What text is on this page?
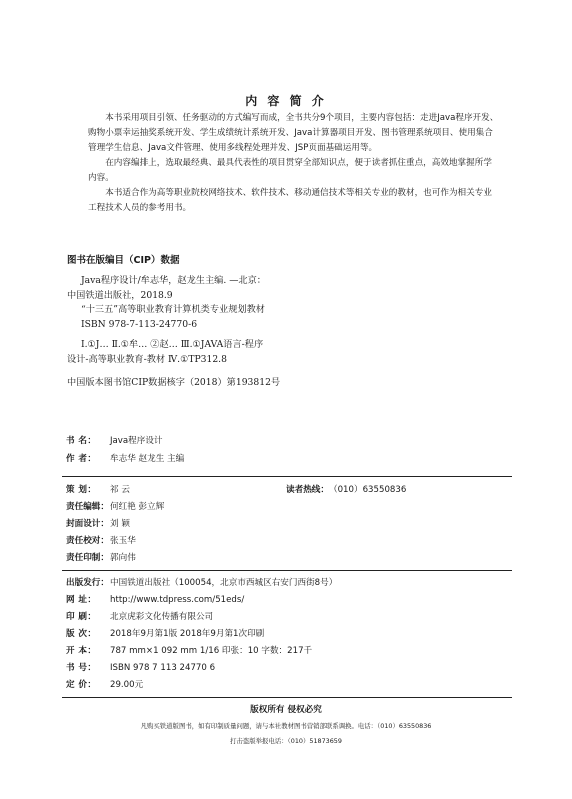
内 容 简 介

本书采用项目引领、任务驱动的方式编写而成，全书共分9个项目，主要内容包括：走进Java程序开发、购物小票幸运抽奖系统开发、学生成绩统计系统开发、Java计算器项目开发、图书管理系统项目、使用集合管理学生信息、Java文件管理、使用多线程处理并发、JSP页面基础运用等。

在内容编排上，选取最经典、最具代表性的项目贯穿全部知识点，便于读者抓住重点，高效地掌握所学内容。

本书适合作为高等职业院校网络技术、软件技术、移动通信技术等相关专业的教材，也可作为相关专业工程技术人员的参考用书。

图书在版编目（CIP）数据
Java程序设计/牟志华，赵龙生主编. —北京：
中国铁道出版社，2018.9
“十三五”高等职业教育计算机类专业规划教材
ISBN 978-7-113-24770-6
Ⅰ.①J… Ⅱ.①牟… ②赵… Ⅲ.①JAVA语言-程序
设计-高等职业教育-教材 Ⅳ.①TP312.8
中国版本图书馆CIP数据核字（2018）第193812号
书 名： Java程序设计
作 者： 牟志华 赵龙生 主编
策 划： 祁 云	读者热线：（010）63550836
责任编辑：何红艳 彭立辉
封面设计：刘 颖
责任校对：张玉华
责任印制：郭向伟
出版发行：中国铁道出版社（100054，北京市西城区右安门西街8号）
网 址： http://www.tdpress.com/51eds/
印 刷： 北京虎彩文化传播有限公司
版 次： 2018年9月第1版 2018年9月第1次印刷
开 本： 787 mm×1 092 mm 1/16 印张：10 字数：217千
书 号： ISBN 978 7 113 24770 6
定 价： 29.00元
版权所有 侵权必究
凡购买铁道版图书，如有印制质量问题，请与本社教材图书营销部联系调换。电话：（010）63550836
打击盗版举报电话：（010）51873659
